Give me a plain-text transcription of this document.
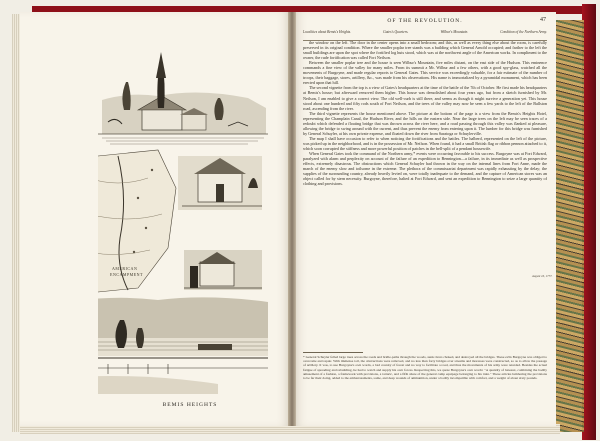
AMERICAN
ENCAMPMENT
BEMIS HEIGHTS
OF THE REVOLUTION.	47
Localities about Bemis's Heights.	Gates's Quarters.	Wilbur's Mountain.	Condition of the Northern Army.

the window on the left. The door in the center opens into a small bedroom; and this, as well as every thing else about the room, is carefully preserved in its original condition. Where the smaller poplar tree stands was a building which General Arnold occupied; and farther to the left the small buildings are upon the spot where the fortified log huts stood, which was at the northwest angle of the American works. In compliment to the owner, the rude fortification was called Fort Neilson.

Between the smaller poplar tree and the house is seen Wilbur's Mountain, five miles distant, on the east side of the Hudson. This eminence commands a fine view of the valley for many miles. From its summit a Mr. Wilbur and a few others, with a good spy-glass, watched all the movements of Burgoyne, and made regular reports to General Gates. This service was exceedingly valuable, for a fair estimate of the number of troops, their baggage, stores, artillery, &c., was made from his observations. His name is immortalized by a pyramidal monument, which has been erected upon that hill.

The second vignette from the top is a view of Gates's headquarters at the time of the battle of the 7th of October. He first made his headquarters at Bemis's house; but afterward removed them higher. This house was demolished about four years ago, but from a sketch furnished by Mr. Neilson, I am enabled to give a correct view. The old well-curb is still there, and seems as though it might survive a generation yet. This house stood about one hundred and fifty rods south of Fort Neilson, and the trees of the valley may now be seen a few yards to the left of the Ballston road, ascending from the river.

The third vignette represents the house mentioned above. The picture at the bottom of the page is a view from the Bemis's Heights Hotel, representing the Champlain Canal, the Hudson River, and the hills on the eastern side. Near the large trees on the left may be seen traces of a redoubt which defended a floating bridge that was thrown across the river here, and a road passing through this valley was flanked at pleasure, allowing the bridge to swing around with the current, and thus prevent the enemy from entering upon it. The lumber for this bridge was furnished by General Schuyler, at his own private expense, and floated down the river from Saratoga or Schuylerville.

The map I shall have occasion to refer to when noticing the fortifications and the battles. The halberd, represented on the left of the picture, was picked up in the neighborhood, and is in the possession of Mr. Neilson. When found, it had a small British flag or ribbon pennon attached to it, which soon corrupted the stiffness and more powerful position of patches in the bell-split of a pendant housewife.

When General Gates took the command of the Northern army,* events were occurring favorable to his success. Burgoyne was at Fort Edward, paralyzed with alarm and perplexity on account of the failure of an expedition to Bennington—a failure, in its immediate as well as prospective effects, extremely disastrous. The obstructions which General Schuyler had thrown in the way on the internal lines from Fort Anne, made the march of the enemy slow and toilsome in the extreme. The plethora of the commissariat department was rapidly exhausting by the delay; the supplies of the surrounding country, already heavily levied on, were totally inadequate to the demand, and the capture of American stores was an object called for by stern necessity. Burgoyne, therefore, halted at Fort Edward, and sent an expedition to Bennington to seize a large quantity of clothing and provisions.

August 16, 1777.

* General Schuyler felled large trees across the roads and bridle-paths through the woods, sunk rivers choked, and destroyed all the bridges. These evils Burgoyne was obliged to overcome and repair. With immense toil, the obstructions were removed, and no less than forty bridges over streams and morasses were constructed, so as to allow the passage of artillery. It was, to use Burgoyne's own words, a bad country of forest and no way to facilitate a road, and thus the movements of his army were retarded. Besides the actual fatigue of spreading and rebuilding, he had to watch and supply his own forces. Respecting this, we quote Burgoyne's own words: "A quantity of bateaux, combining the bodily amusement of a fashion, a framework with provisions, a tartaric, and a fifth share of the general camp equipage belonging to his train." These articles lumbering the provisions to be far their doing, added to the embarrassments, some, and deep wounds of ammunition, under a bodily incompatible with comfort, and a weight of about sixty pounds.
